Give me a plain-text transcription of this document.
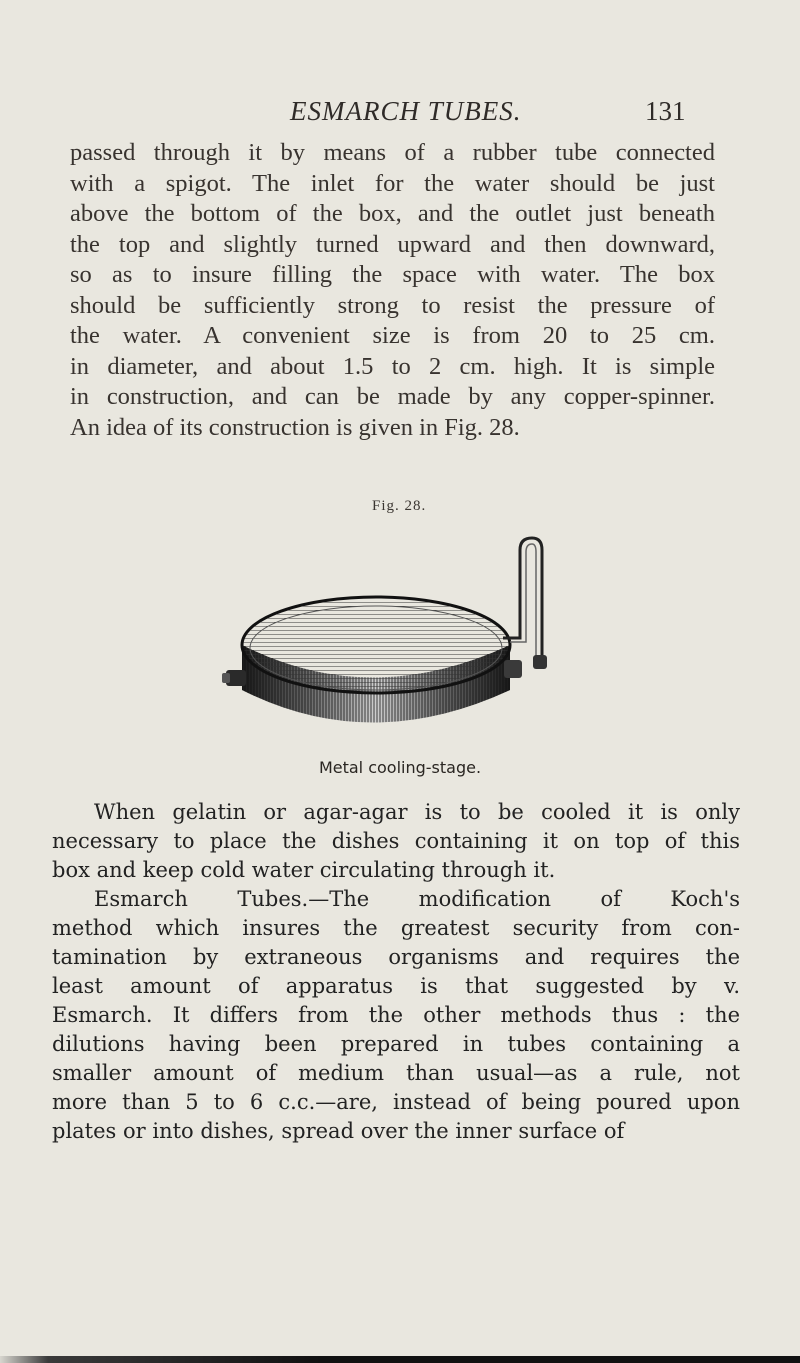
ESMARCH TUBES.	131
passed through it by means of a rubber tube connected
with a spigot. The inlet for the water should be just
above the bottom of the box, and the outlet just beneath
the top and slightly turned upward and then downward,
so as to insure filling the space with water. The box
should be sufficiently strong to resist the pressure of
the water. A convenient size is from 20 to 25 cm.
in diameter, and about 1.5 to 2 cm. high. It is simple
in construction, and can be made by any copper-spinner.
An idea of its construction is given in Fig. 28.
Fig. 28.
Metal cooling-stage.
When gelatin or agar-agar is to be cooled it is only
necessary to place the dishes containing it on top of this
box and keep cold water circulating through it.
Esmarch Tubes.—The modification of Koch's
method which insures the greatest security from con-
tamination by extraneous organisms and requires the
least amount of apparatus is that suggested by v.
Esmarch. It differs from the other methods thus : the
dilutions having been prepared in tubes containing a
smaller amount of medium than usual—as a rule, not
more than 5 to 6 c.c.—are, instead of being poured upon
plates or into dishes, spread over the inner surface of
